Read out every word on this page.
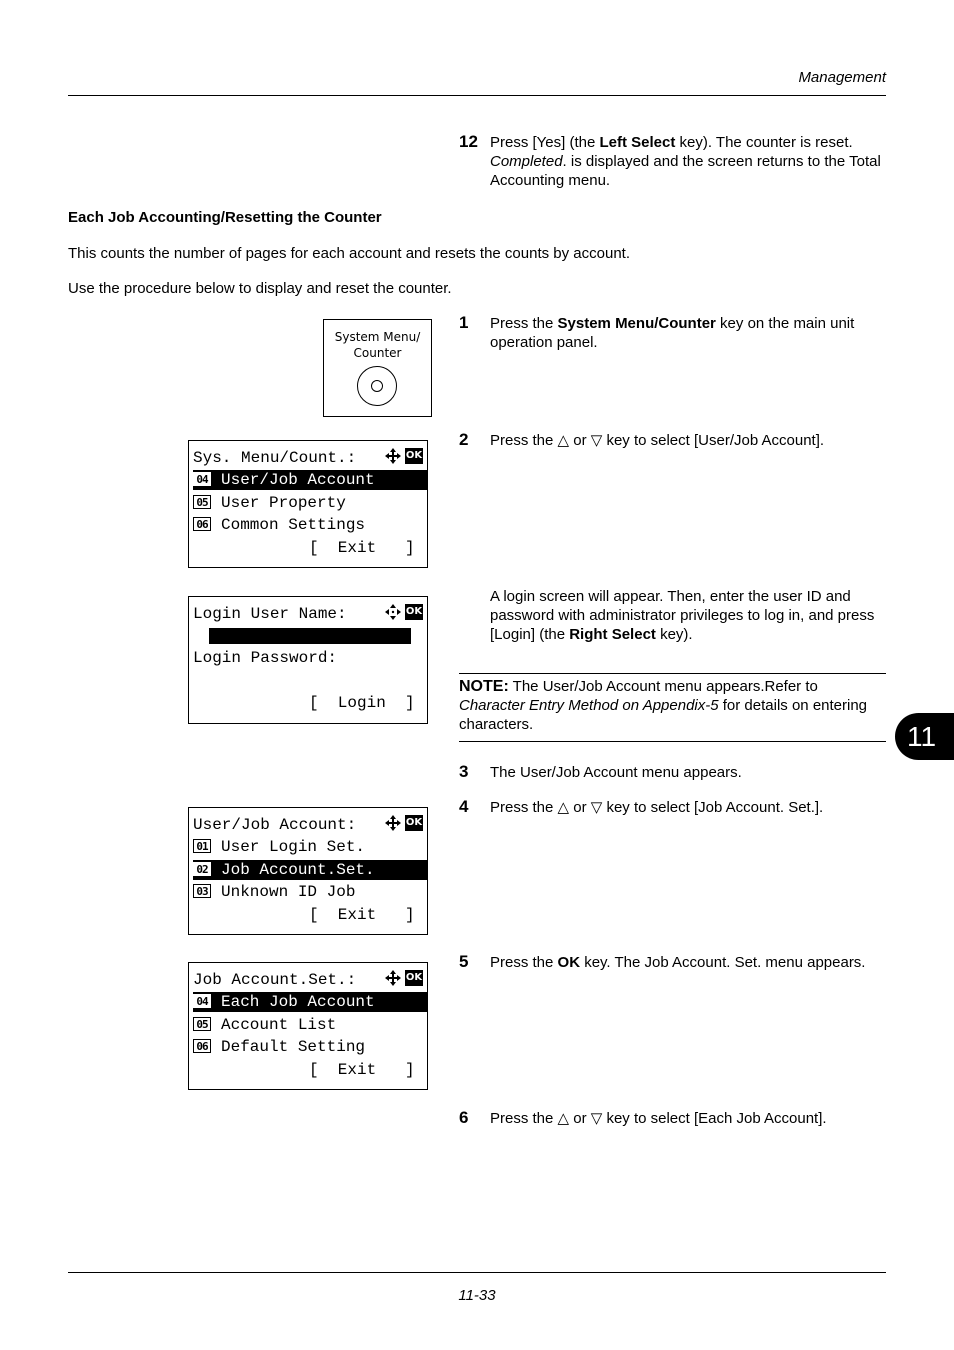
Management
12 Press [Yes] (the Left Select key). The counter is reset. Completed. is displayed and the screen returns to the Total Accounting menu.
Each Job Accounting/Resetting the Counter
This counts the number of pages for each account and resets the counts by account.
Use the procedure below to display and reset the counter.
System Menu/
Counter
1 Press the System Menu/Counter key on the main unit operation panel.
Sys. Menu/Count.:	OK
04 User/Job Account
05 User Property
06 Common Settings
[  Exit   ]
2 Press the △ or ▽ key to select [User/Job Account].
Login User Name:	OK
Login Password:
[  Login  ]
A login screen will appear. Then, enter the user ID and password with administrator privileges to log in, and press [Login] (the Right Select key).
NOTE: The User/Job Account menu appears.Refer to Character Entry Method on Appendix-5 for details on entering characters.	11
3 The User/Job Account menu appears.
User/Job Account:	OK
01 User Login Set.
02 Job Account.Set.
03 Unknown ID Job
[  Exit   ]
4 Press the △ or ▽ key to select [Job Account. Set.].
Job Account.Set.:	OK
04 Each Job Account
05 Account List
06 Default Setting
[  Exit   ]
5 Press the OK key. The Job Account. Set. menu appears.
6 Press the △ or ▽ key to select [Each Job Account].
11-33
